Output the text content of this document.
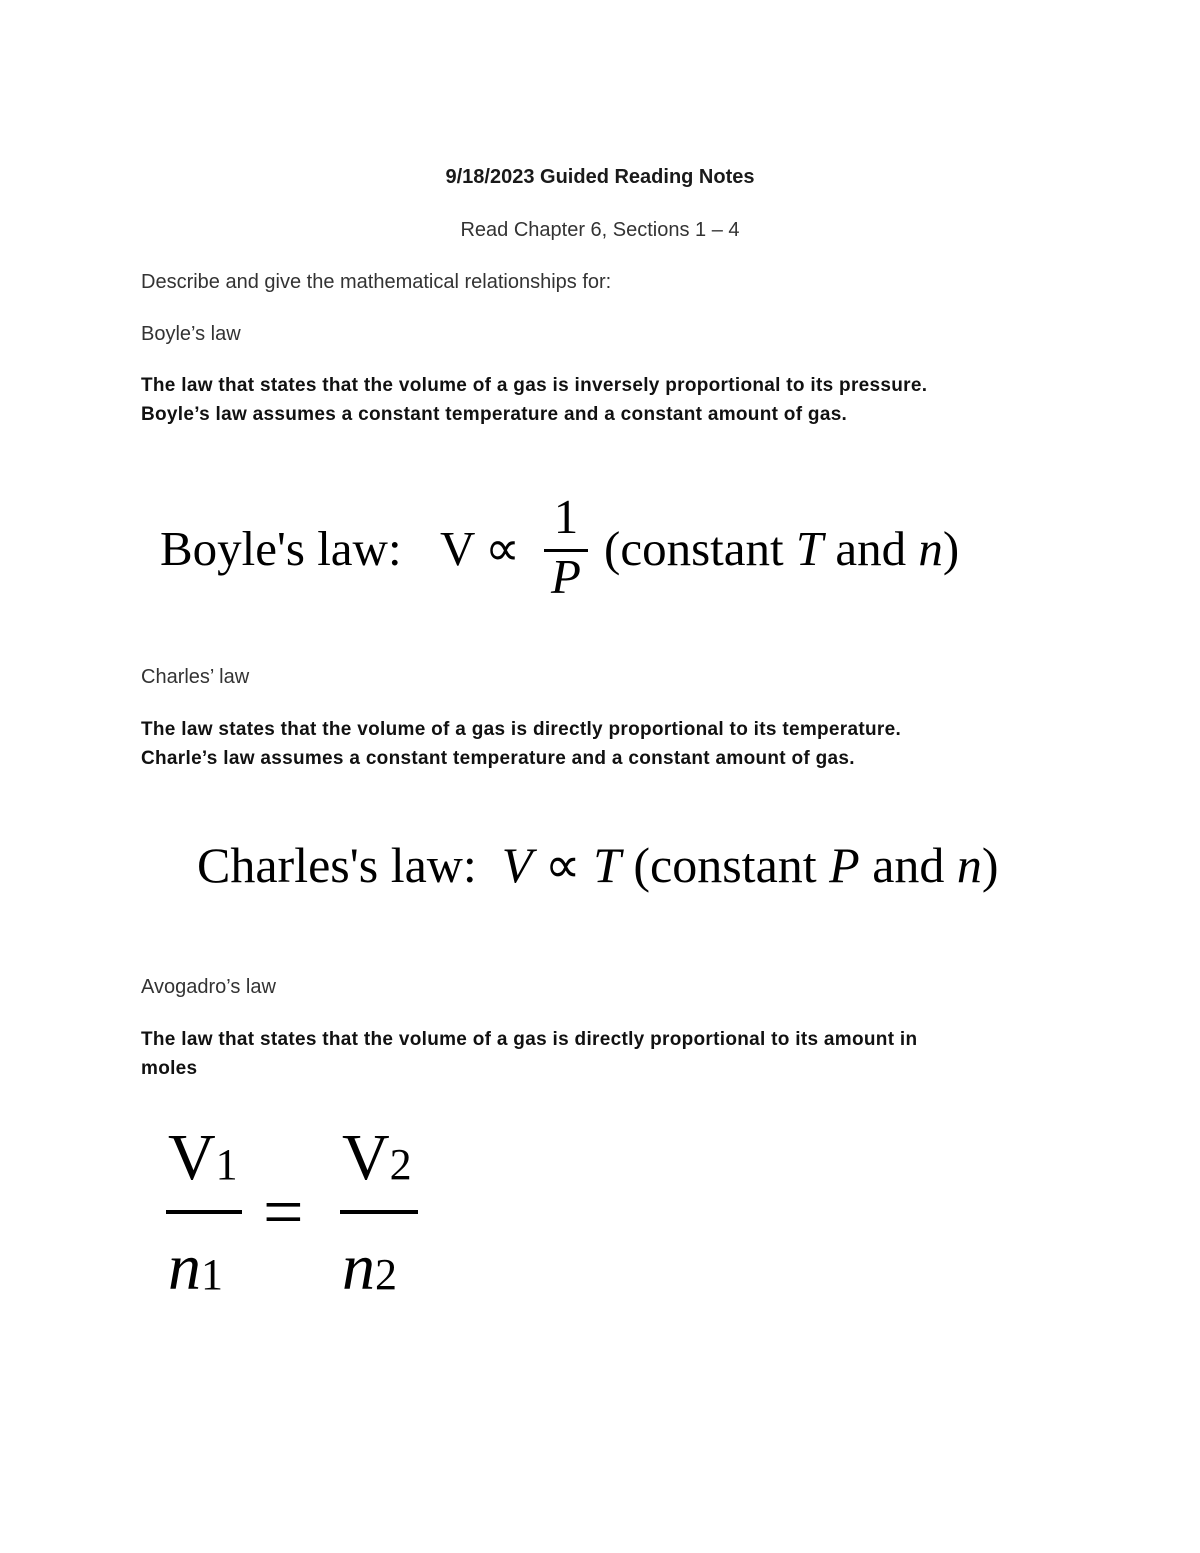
9/18/2023 Guided Reading Notes
Read Chapter 6, Sections 1 – 4
Describe and give the mathematical relationships for:
Boyle’s law
The law that states that the volume of a gas is inversely proportional to its pressure.
Boyle’s law assumes a constant temperature and a constant amount of gas.
Boyle's law: V ∝
1
P
(constant T and n)
Charles’ law
The law states that the volume of a gas is directly proportional to its temperature.
Charle’s law assumes a constant temperature and a constant amount of gas.
Charles's law: V ∝ T (constant P and n)
Avogadro’s law
The law that states that the volume of a gas is directly proportional to its amount in
moles
V1
n1
=
V2
n2
